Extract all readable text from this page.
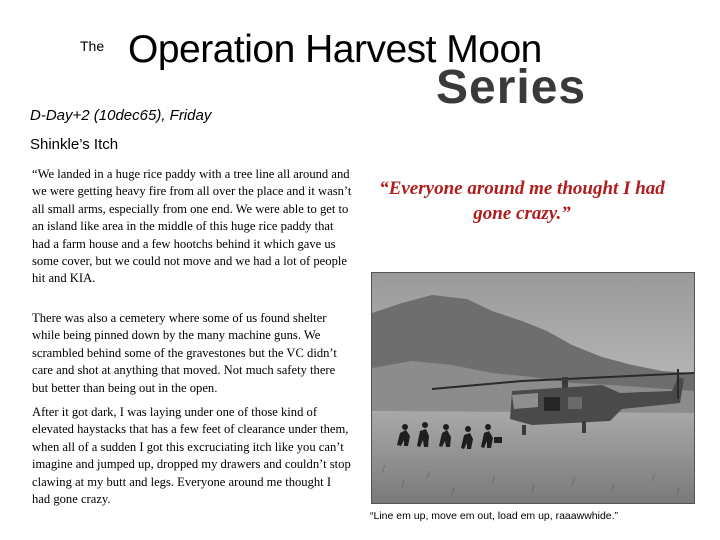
The Operation Harvest Moon
Series
D-Day+2 (10dec65), Friday
Shinkle’s Itch

“We landed in a huge rice paddy with a tree line all around and we were getting heavy fire from all over the place and it wasn’t all small arms, especially from one end. We were able to get to an island like area in the middle of this huge rice paddy that had a farm house and a few hootchs behind it which gave us some cover, but we could not move and we had a lot of people hit and KIA.

There was also a cemetery where some of us found shelter while being pinned down by the many machine guns. We scrambled behind some of the gravestones but the VC didn’t care and shot at anything that moved. Not much safety there but better than being out in the open.

After it got dark, I was laying under one of those kind of elevated haystacks that has a few feet of clearance under them, when all of a sudden I got this excruciating itch like you can’t imagine and jumped up, dropped my drawers and couldn’t stop clawing at my butt and legs. Everyone around me thought I had gone crazy.

“Everyone around me thought I had gone crazy.”
“Line em up, move em out, load em up, raaawwhide.”
